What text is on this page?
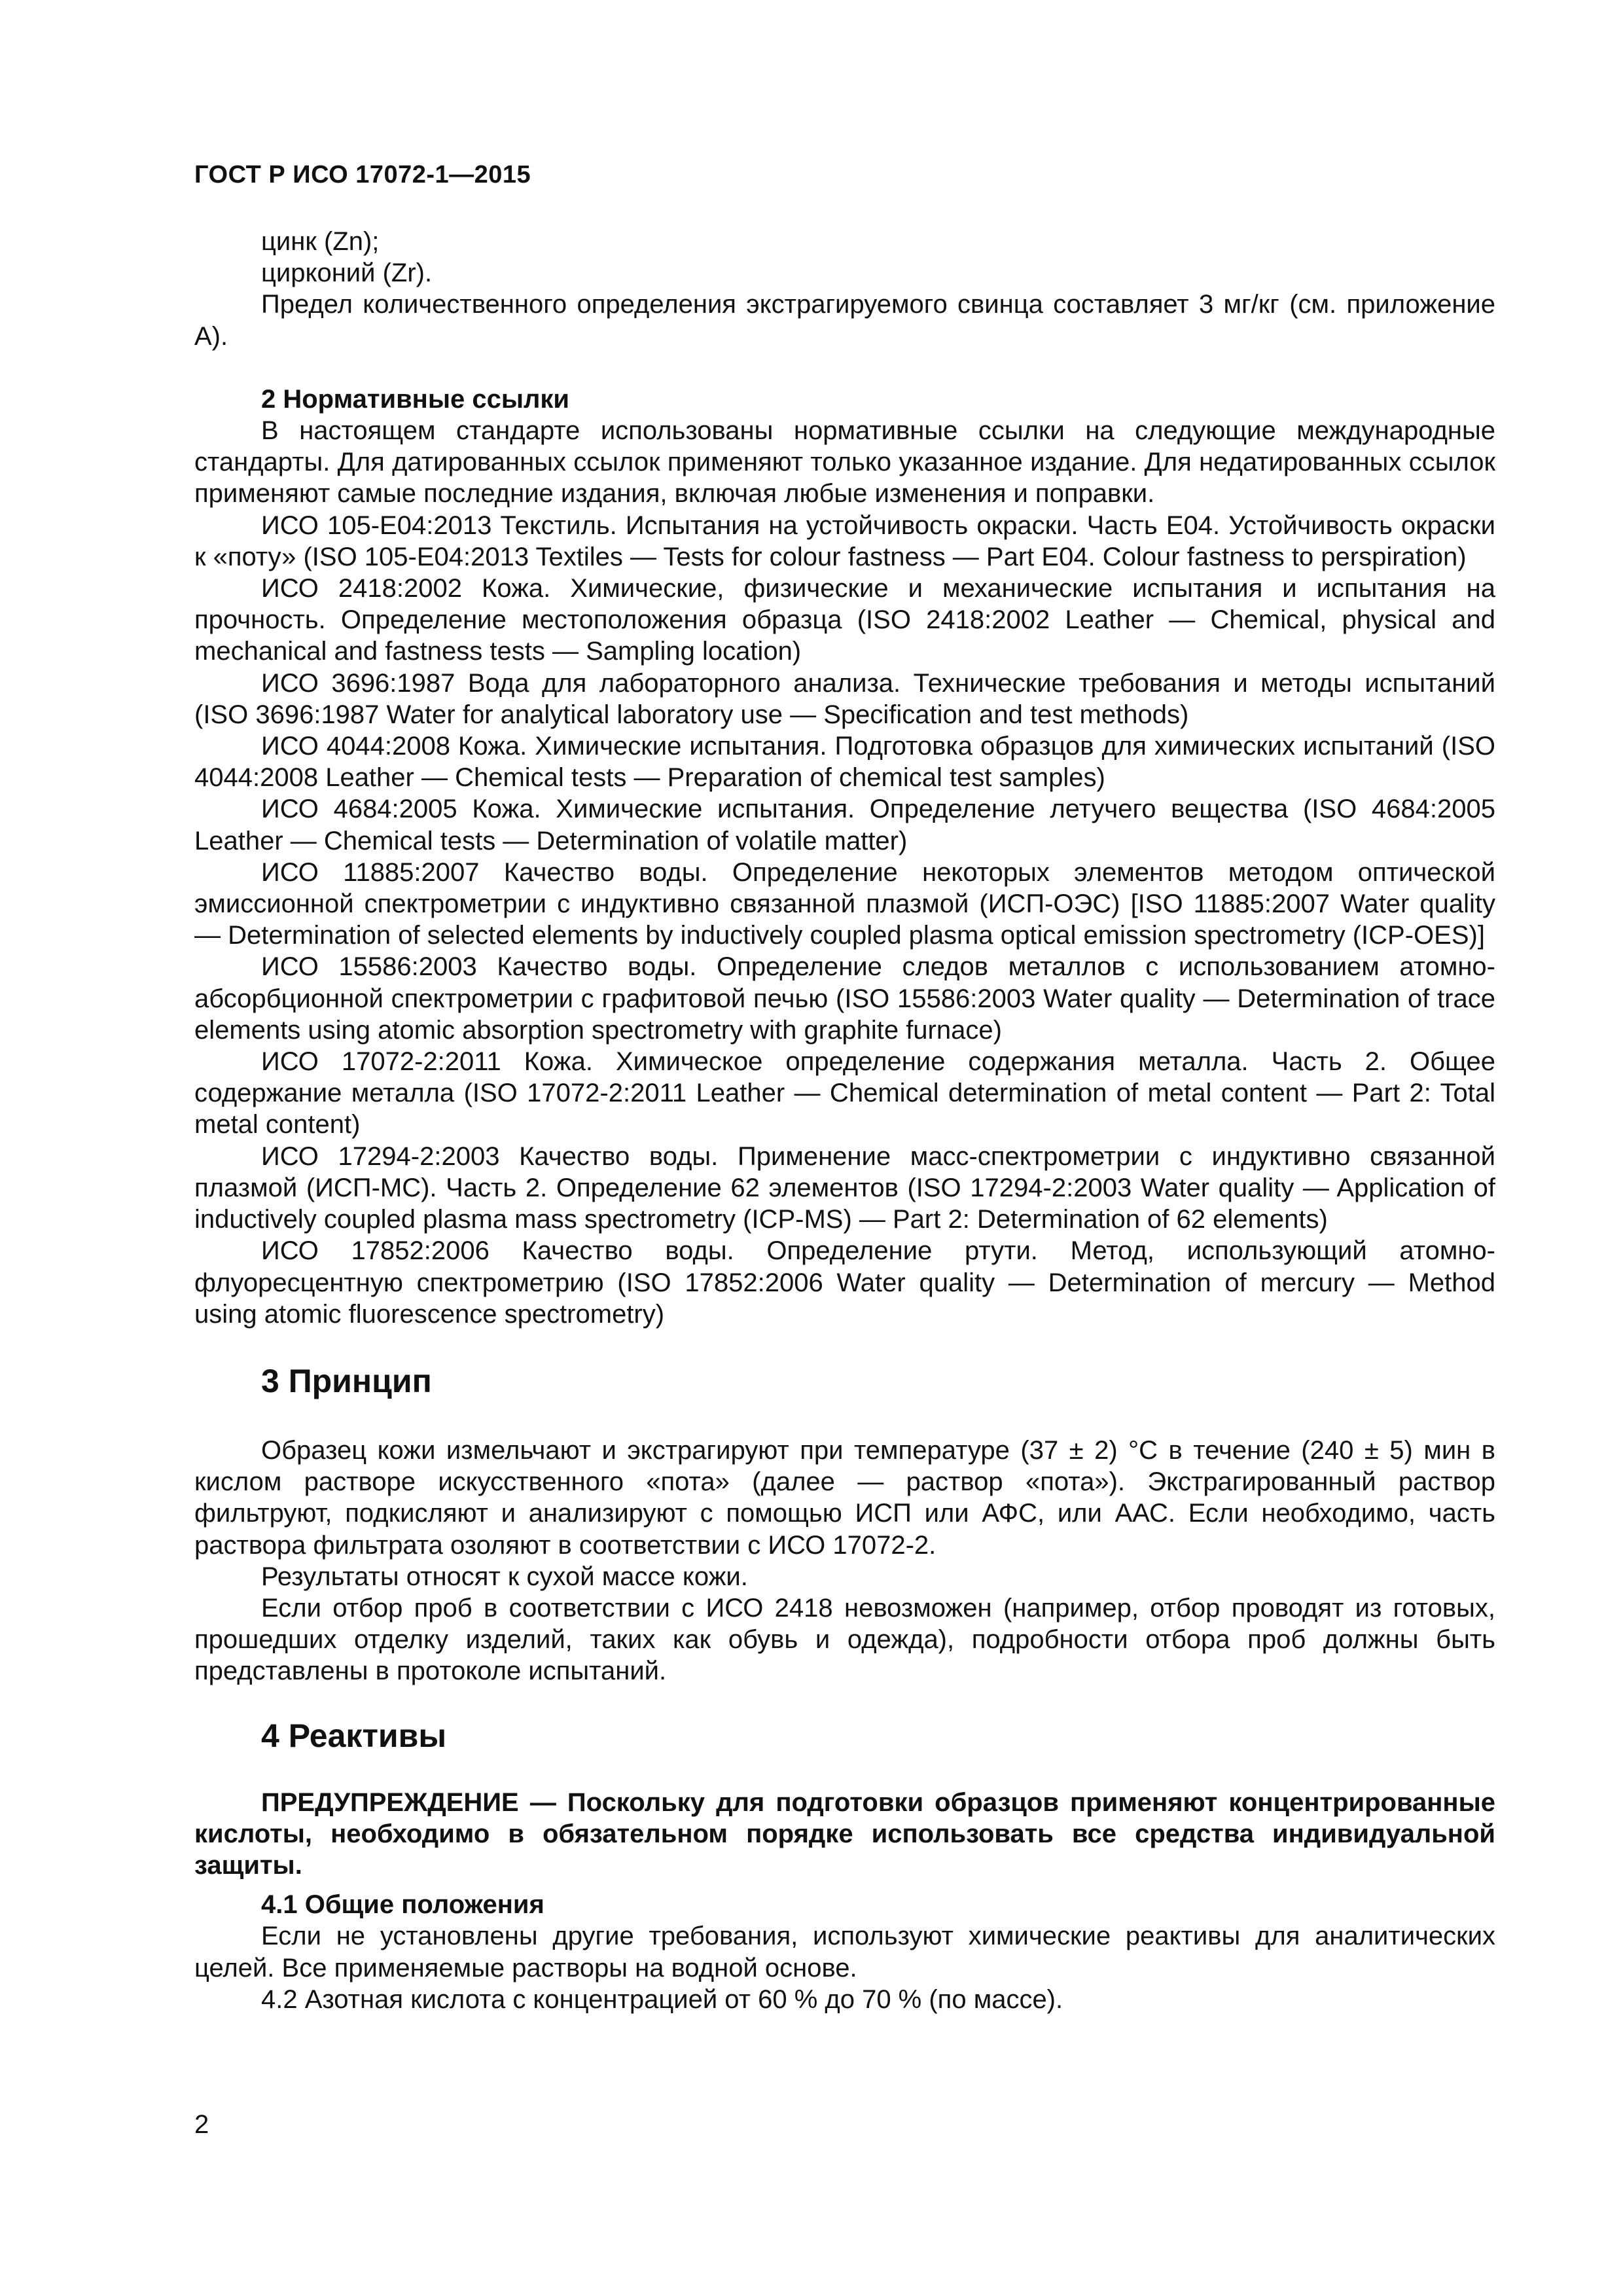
ГОСТ Р ИСО 17072-1—2015

цинк (Zn);

цирконий (Zr).

Предел количественного определения экстрагируемого свинца составляет 3 мг/кг (см. приложение А).

2 Нормативные ссылки

В настоящем стандарте использованы нормативные ссылки на следующие международные стандарты. Для датированных ссылок применяют только указанное издание. Для недатированных ссылок применяют самые последние издания, включая любые изменения и поправки.

ИСО 105-Е04:2013 Текстиль. Испытания на устойчивость окраски. Часть Е04. Устойчивость окраски к «поту» (ISO 105-E04:2013 Textiles — Tests for colour fastness — Part E04. Colour fastness to perspiration)

ИСО 2418:2002 Кожа. Химические, физические и механические испытания и испытания на прочность. Определение местоположения образца (ISO 2418:2002 Leather — Chemical, physical and mechanical and fastness tests — Sampling location)

ИСО 3696:1987 Вода для лабораторного анализа. Технические требования и методы испытаний (ISO 3696:1987 Water for analytical laboratory use — Specification and test methods)

ИСО 4044:2008 Кожа. Химические испытания. Подготовка образцов для химических испытаний (ISO 4044:2008 Leather — Chemical tests — Preparation of chemical test samples)

ИСО 4684:2005 Кожа. Химические испытания. Определение летучего вещества (ISO 4684:2005 Leather — Chemical tests — Determination of volatile matter)

ИСО 11885:2007 Качество воды. Определение некоторых элементов методом оптической эмиссионной спектрометрии с индуктивно связанной плазмой (ИСП-ОЭС) [ISO 11885:2007 Water quality — Determination of selected elements by inductively coupled plasma optical emission spectrometry (ICP-OES)]

ИСО 15586:2003 Качество воды. Определение следов металлов с использованием атомно-абсорбционной спектрометрии с графитовой печью (ISO 15586:2003 Water quality — Determination of trace elements using atomic absorption spectrometry with graphite furnace)

ИСО 17072-2:2011 Кожа. Химическое определение содержания металла. Часть 2. Общее содержание металла (ISO 17072-2:2011 Leather — Chemical determination of metal content — Part 2: Total metal content)

ИСО 17294-2:2003 Качество воды. Применение масс-спектрометрии с индуктивно связанной плазмой (ИСП-МС). Часть 2. Определение 62 элементов (ISO 17294-2:2003 Water quality — Application of inductively coupled plasma mass spectrometry (ICP-MS) — Part 2: Determination of 62 elements)

ИСО 17852:2006 Качество воды. Определение ртути. Метод, использующий атомно-флуоресцентную спектрометрию (ISO 17852:2006 Water quality — Determination of mercury — Method using atomic fluorescence spectrometry)

3 Принцип

Образец кожи измельчают и экстрагируют при температуре (37 ± 2) °С в течение (240 ± 5) мин в кислом растворе искусственного «пота» (далее — раствор «пота»). Экстрагированный раствор фильтруют, подкисляют и анализируют с помощью ИСП или АФС, или ААС. Если необходимо, часть раствора фильтрата озоляют в соответствии с ИСО 17072-2.

Результаты относят к сухой массе кожи.

Если отбор проб в соответствии с ИСО 2418 невозможен (например, отбор проводят из готовых, прошедших отделку изделий, таких как обувь и одежда), подробности отбора проб должны быть представлены в протоколе испытаний.

4 Реактивы

ПРЕДУПРЕЖДЕНИЕ — Поскольку для подготовки образцов применяют концентрированные кислоты, необходимо в обязательном порядке использовать все средства индивидуальной защиты.

4.1 Общие положения

Если не установлены другие требования, используют химические реактивы для аналитических целей. Все применяемые растворы на водной основе.

4.2 Азотная кислота с концентрацией от 60 % до 70 % (по массе).

2
